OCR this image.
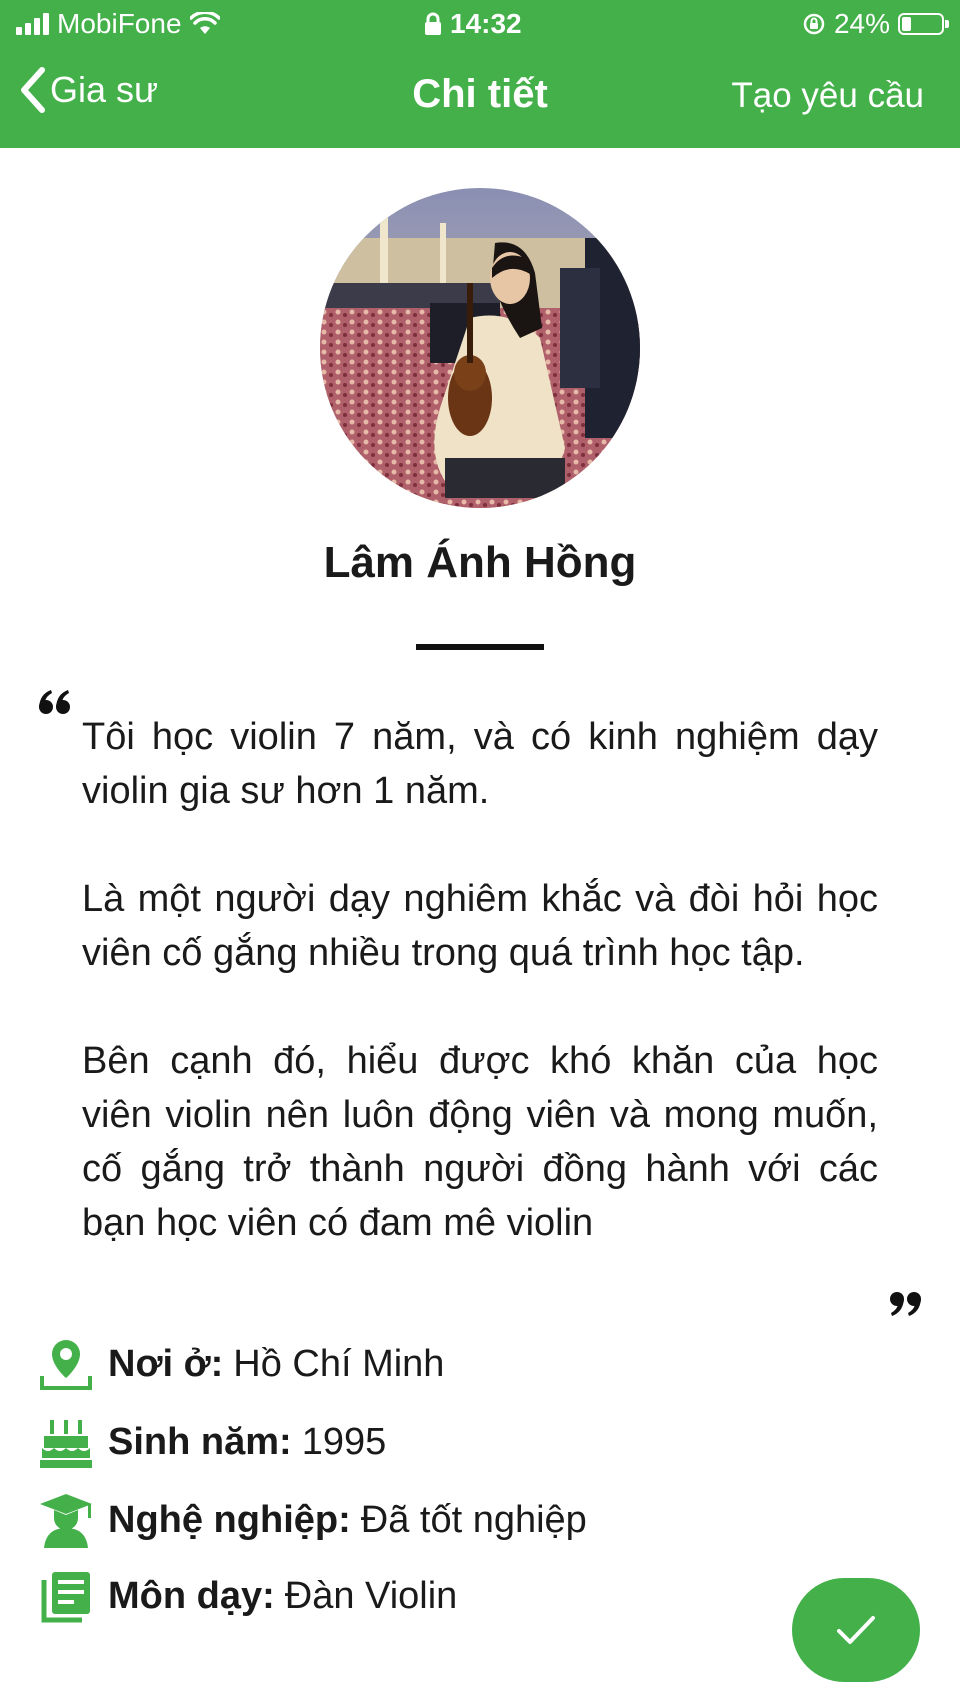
MobiFone	14:32	24%
Gia sư	Chi tiết	Tạo yêu cầu
Lâm Ánh Hồng

Tôi học violin 7 năm, và có kinh nghiệm dạy violin gia sư hơn 1 năm.

Là một người dạy nghiêm khắc và đòi hỏi học viên cố gắng nhiều trong quá trình học tập.

Bên cạnh đó, hiểu được khó khăn của học viên violin nên luôn động viên và mong muốn, cố gắng trở thành người đồng hành với các bạn học viên có đam mê violin

Nơi ở: Hồ Chí Minh
Sinh năm: 1995
Nghệ nghiệp: Đã tốt nghiệp
Môn dạy: Đàn Violin
